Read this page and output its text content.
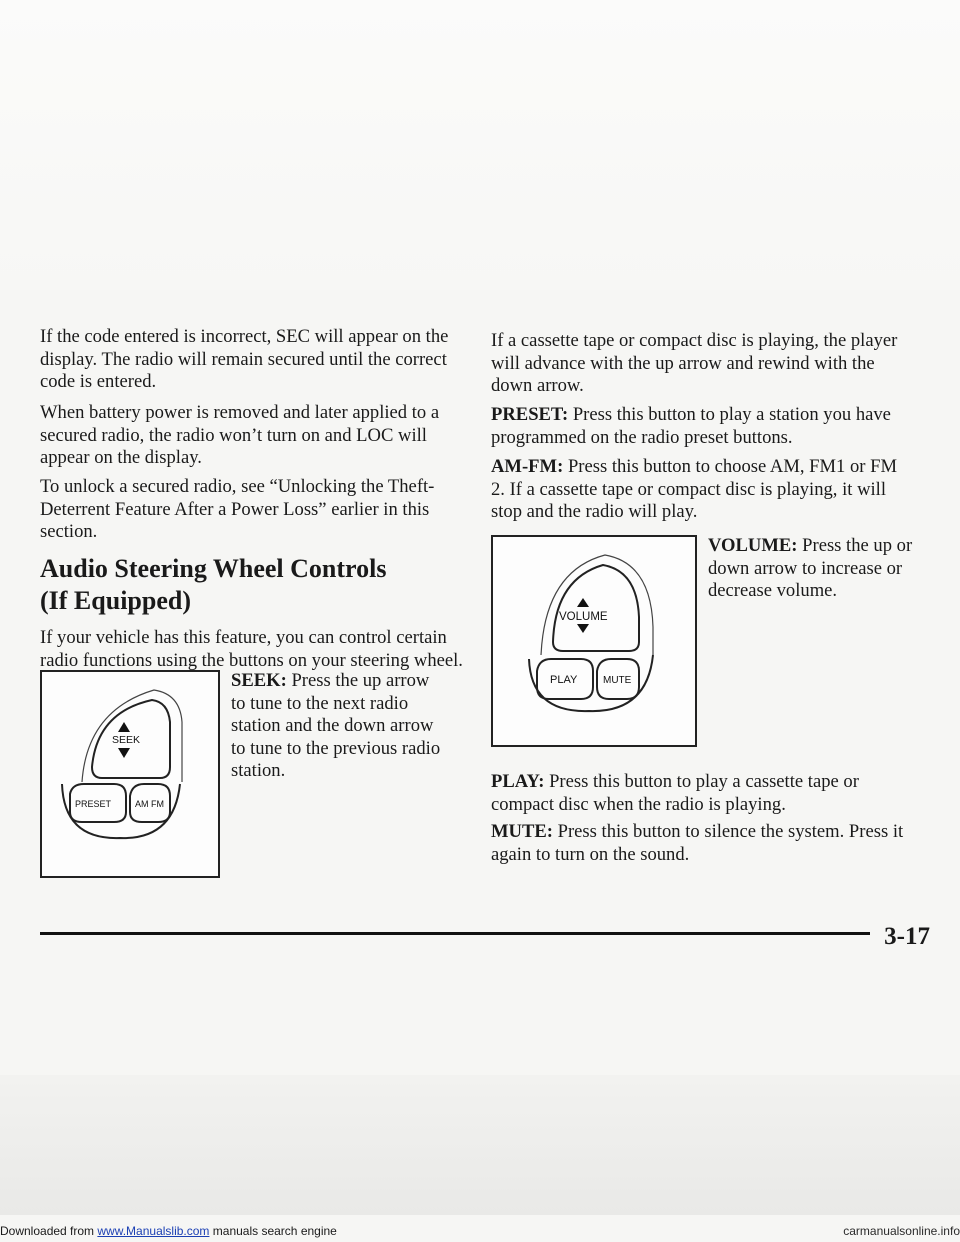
If the code entered is incorrect, SEC will appear on the display. The radio will remain secured until the correct code is entered.

When battery power is removed and later applied to a secured radio, the radio won’t turn on and LOC will appear on the display.

To unlock a secured radio, see “Unlocking the Theft-Deterrent Feature After a Power Loss” earlier in this section.

Audio Steering Wheel Controls
(If Equipped)

If your vehicle has this feature, you can control certain radio functions using the buttons on your steering wheel.

SEEK
PRESET	AM FM

SEEK: Press the up arrow to tune to the next radio station and the down arrow to tune to the previous radio station.

If a cassette tape or compact disc is playing, the player will advance with the up arrow and rewind with the down arrow.

PRESET: Press this button to play a station you have programmed on the radio preset buttons.

AM-FM: Press this button to choose AM, FM1 or FM 2. If a cassette tape or compact disc is playing, it will stop and the radio will play.

VOLUME
PLAY	MUTE

VOLUME: Press the up or down arrow to increase or decrease volume.

PLAY: Press this button to play a cassette tape or compact disc when the radio is playing.

MUTE: Press this button to silence the system. Press it again to turn on the sound.

3-17

Downloaded from www.Manualslib.com manuals search engine	carmanualsonline.info
